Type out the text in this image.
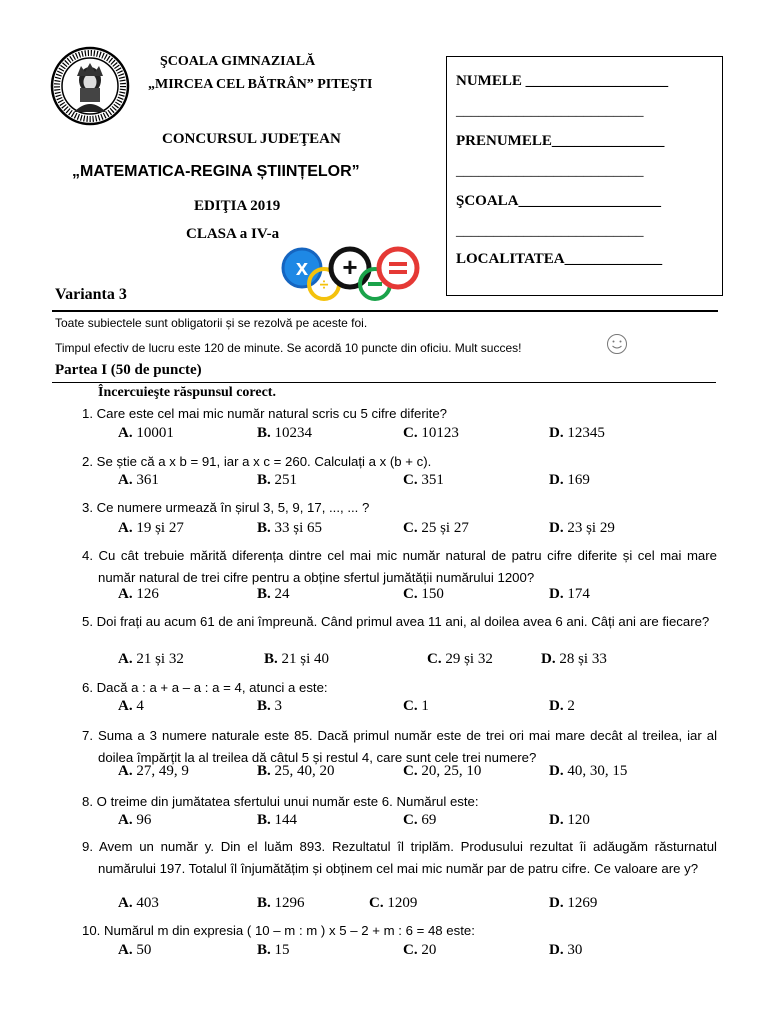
ŞCOALA GIMNAZIALĂ
„MIRCEA CEL BĂTRÂN” PITEŞTI
CONCURSUL JUDEŢEAN
„MATEMATICA-REGINA ȘTIINȚELOR”
EDIŢIA 2019
CLASA a IV-a
x
÷
+
Varianta 3
NUMELE ___________________
_________________________
PRENUMELE_______________
_________________________
ŞCOALA___________________
_________________________
LOCALITATEA_____________
Toate subiectele sunt obligatorii și se rezolvă pe aceste foi.
Timpul efectiv de lucru este 120 de minute. Se acordă 10 puncte din oficiu. Mult succes!
Partea I (50 de puncte)
Încercuieşte răspunsul corect.
1. Care este cel mai mic număr natural scris cu 5 cifre diferite?
A. 10001	B. 10234	C. 10123	D. 12345
2. Se știe că a x b = 91, iar a x c = 260. Calculați a x (b + c).
A. 361	B. 251	C. 351	D. 169
3. Ce numere urmează în șirul 3, 5, 9, 17, ..., ... ?
A. 19 și 27	B. 33 și 65	C. 25 și 27	D. 23 și 29
4. Cu cât trebuie mărită diferența dintre cel mai mic număr natural de patru cifre diferite și cel mai mare număr natural de trei cifre pentru a obține sfertul jumătății numărului 1200?
A. 126	B. 24	C. 150	D. 174
5. Doi frați au acum 61 de ani împreună. Când primul avea 11 ani, al doilea avea 6 ani. Câți ani are fiecare?
A. 21 și 32	B. 21 și 40	C. 29 și 32	D. 28 și 33
6. Dacă a : a + a – a : a = 4, atunci a este:
A. 4	B. 3	C. 1	D. 2
7. Suma a 3 numere naturale este 85. Dacă primul număr este de trei ori mai mare decât al treilea, iar al doilea împărțit la al treilea dă câtul 5 și restul 4, care sunt cele trei numere?
A. 27, 49, 9	B. 25, 40, 20	C. 20, 25, 10	D. 40, 30, 15
8. O treime din jumătatea sfertului unui număr este 6. Numărul este:
A. 96	B. 144	C. 69	D. 120
9. Avem un număr y. Din el luăm 893. Rezultatul îl triplăm. Produsului rezultat îi adăugăm răsturnatul numărului 197. Totalul îl înjumătățim și obținem cel mai mic număr par de patru cifre. Ce valoare are y?
A. 403	B. 1296	C. 1209	D. 1269
10. Numărul m din expresia ( 10 – m : m ) x 5 – 2 + m : 6 = 48 este:
A. 50	B. 15	C. 20	D. 30
